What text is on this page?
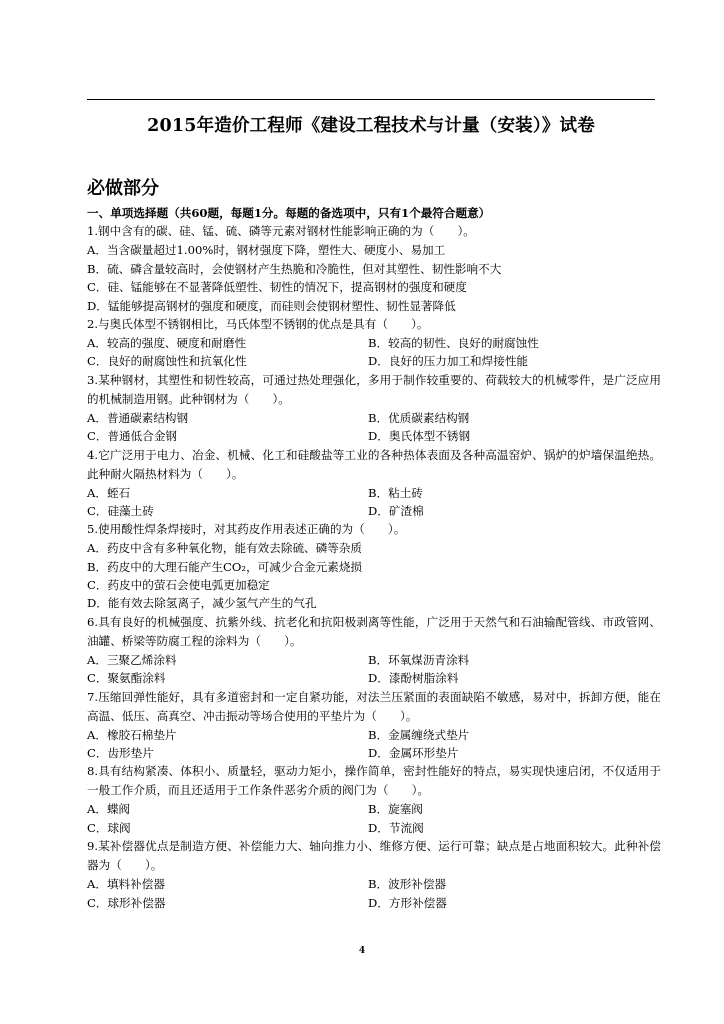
2015年造价工程师《建设工程技术与计量（安装）》试卷
必做部分
一、单项选择题（共60题，每题1分。每题的备选项中，只有1个最符合题意）
1.钢中含有的碳、硅、锰、硫、磷等元素对钢材性能影响正确的为（　　）。
A．当含碳量超过1.00%时，钢材强度下降，塑性大、硬度小、易加工
B．硫、磷含量较高时，会使钢材产生热脆和冷脆性，但对其塑性、韧性影响不大
C．硅、锰能够在不显著降低塑性、韧性的情况下，提高钢材的强度和硬度
D．锰能够提高钢材的强度和硬度，而硅则会使钢材塑性、韧性显著降低
2.与奥氏体型不锈钢相比，马氏体型不锈钢的优点是具有（　　）。
A．较高的强度、硬度和耐磨性	B．较高的韧性、良好的耐腐蚀性
C．良好的耐腐蚀性和抗氧化性	D．良好的压力加工和焊接性能
3.某种钢材，其塑性和韧性较高，可通过热处理强化，多用于制作较重要的、荷载较大的机械零件，是广泛应用的机械制造用钢。此种钢材为（　　）。
A．普通碳素结构钢	B．优质碳素结构钢
C．普通低合金钢	D．奥氏体型不锈钢
4.它广泛用于电力、冶金、机械、化工和硅酸盐等工业的各种热体表面及各种高温窑炉、锅炉的炉墙保温绝热。此种耐火隔热材料为（　　）。
A．蛭石	B．粘土砖
C．硅藻土砖	D．矿渣棉
5.使用酸性焊条焊接时，对其药皮作用表述正确的为（　　）。
A．药皮中含有多种氧化物，能有效去除硫、磷等杂质
B．药皮中的大理石能产生CO₂，可减少合金元素烧损
C．药皮中的萤石会使电弧更加稳定
D．能有效去除氢离子，减少氢气产生的气孔
6.具有良好的机械强度、抗紫外线、抗老化和抗阳极剥离等性能，广泛用于天然气和石油输配管线、市政管网、油罐、桥梁等防腐工程的涂料为（　　）。
A．三聚乙烯涂料	B．环氧煤沥青涂料
C．聚氨酯涂料	D．漆酚树脂涂料
7.压缩回弹性能好，具有多道密封和一定自紧功能，对法兰压紧面的表面缺陷不敏感，易对中，拆卸方便，能在高温、低压、高真空、冲击振动等场合使用的平垫片为（　　）。
A．橡胶石棉垫片	B．金属缠绕式垫片
C．齿形垫片	D．金属环形垫片
8.具有结构紧凑、体积小、质量轻，驱动力矩小，操作简单，密封性能好的特点，易实现快速启闭，不仅适用于一般工作介质，而且还适用于工作条件恶劣介质的阀门为（　　）。
A．蝶阀	B．旋塞阀
C．球阀	D．节流阀
9.某补偿器优点是制造方便、补偿能力大、轴向推力小、维修方便、运行可靠；缺点是占地面积较大。此种补偿器为（　　）。
A．填料补偿器	B．波形补偿器
C．球形补偿器	D．方形补偿器
4
